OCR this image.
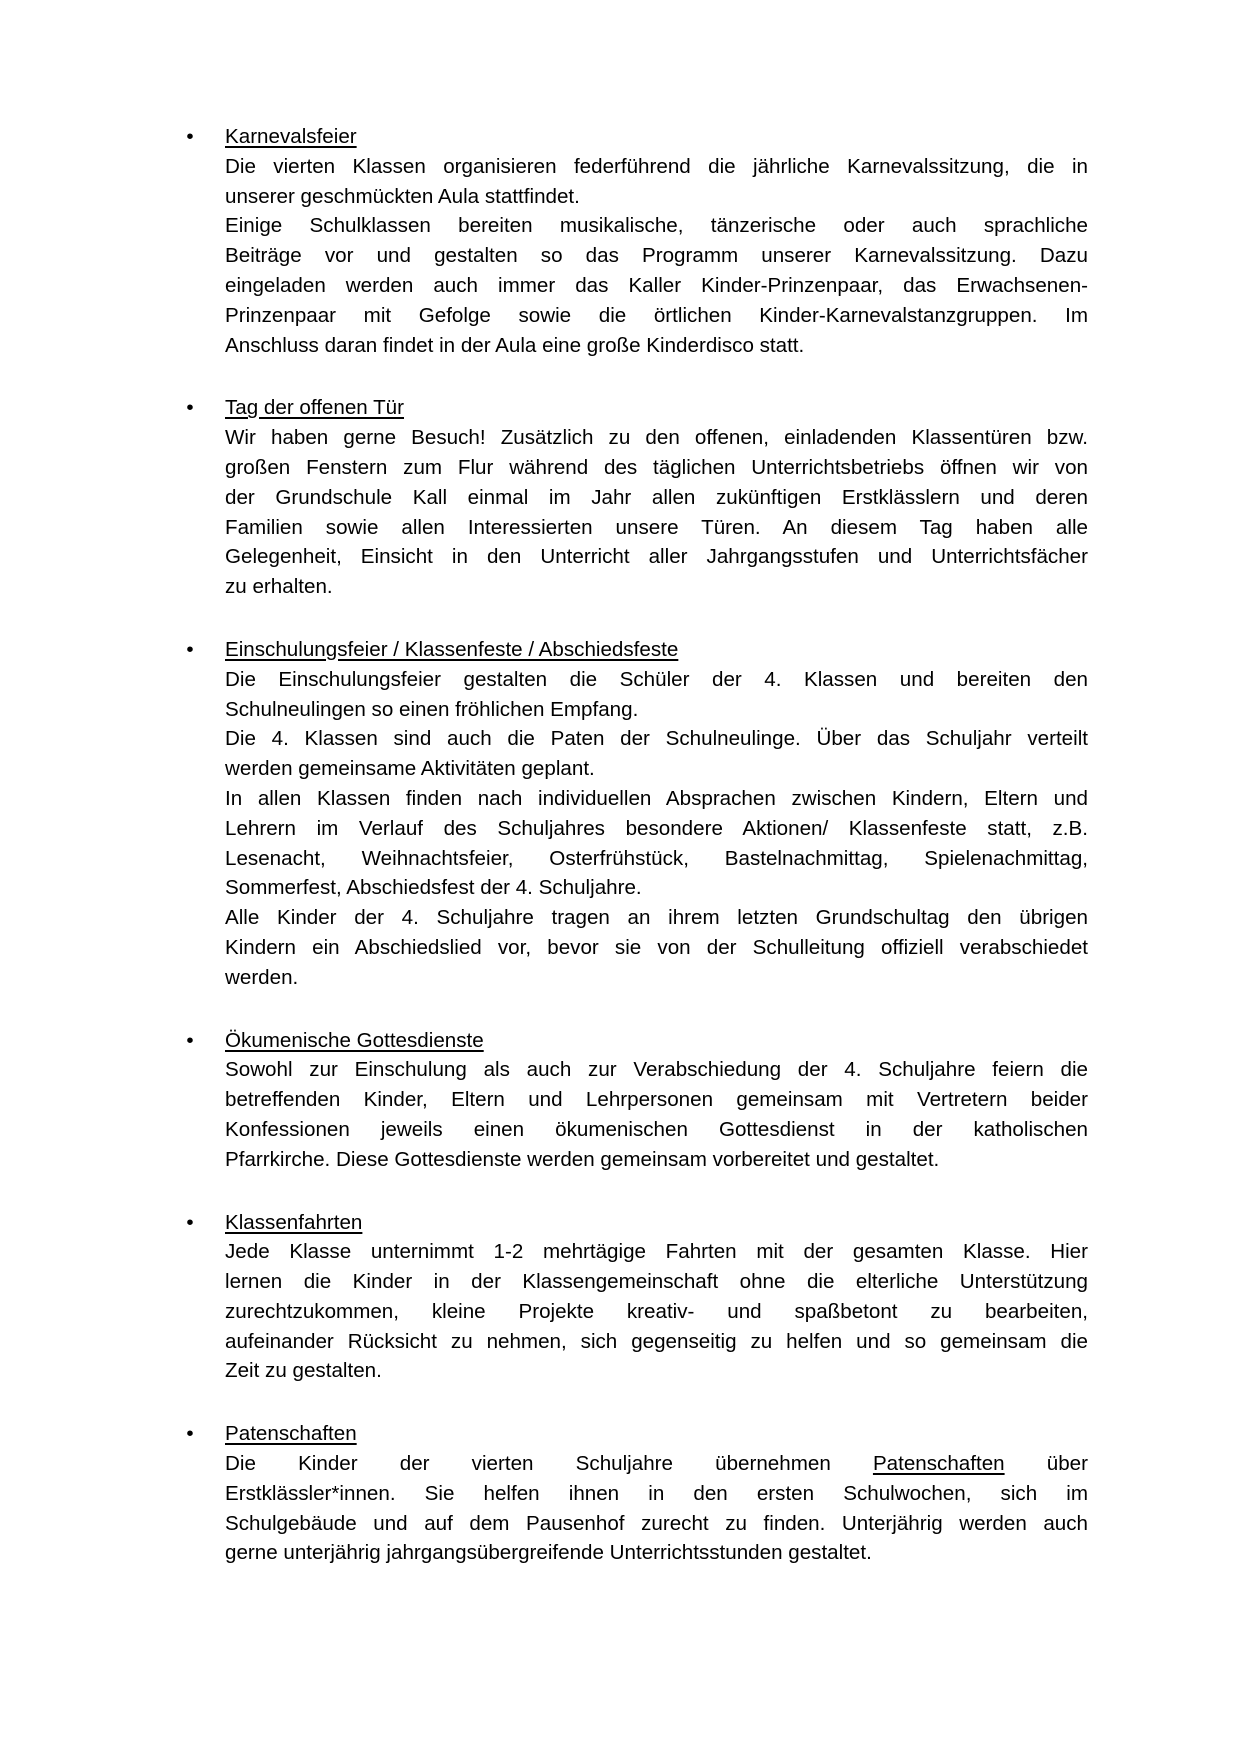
• Karnevalsfeier
Die vierten Klassen organisieren federführend die jährliche Karnevalssitzung, die in
unserer geschmückten Aula stattfindet.
Einige Schulklassen bereiten musikalische, tänzerische oder auch sprachliche
Beiträge vor und gestalten so das Programm unserer Karnevalssitzung. Dazu
eingeladen werden auch immer das Kaller Kinder-Prinzenpaar, das Erwachsenen-
Prinzenpaar mit Gefolge sowie die örtlichen Kinder-Karnevalstanzgruppen. Im
Anschluss daran findet in der Aula eine große Kinderdisco statt.
• Tag der offenen Tür
Wir haben gerne Besuch! Zusätzlich zu den offenen, einladenden Klassentüren bzw.
großen Fenstern zum Flur während des täglichen Unterrichtsbetriebs öffnen wir von
der Grundschule Kall einmal im Jahr allen zukünftigen Erstklässlern und deren
Familien sowie allen Interessierten unsere Türen. An diesem Tag haben alle
Gelegenheit, Einsicht in den Unterricht aller Jahrgangsstufen und Unterrichtsfächer
zu erhalten.
• Einschulungsfeier / Klassenfeste / Abschiedsfeste
Die Einschulungsfeier gestalten die Schüler der 4. Klassen und bereiten den
Schulneulingen so einen fröhlichen Empfang.
Die 4. Klassen sind auch die Paten der Schulneulinge. Über das Schuljahr verteilt
werden gemeinsame Aktivitäten geplant.
In allen Klassen finden nach individuellen Absprachen zwischen Kindern, Eltern und
Lehrern im Verlauf des Schuljahres besondere Aktionen/ Klassenfeste statt, z.B.
Lesenacht, Weihnachtsfeier, Osterfrühstück, Bastelnachmittag, Spielenachmittag,
Sommerfest, Abschiedsfest der 4. Schuljahre.
Alle Kinder der 4. Schuljahre tragen an ihrem letzten Grundschultag den übrigen
Kindern ein Abschiedslied vor, bevor sie von der Schulleitung offiziell verabschiedet
werden.
• Ökumenische Gottesdienste
Sowohl zur Einschulung als auch zur Verabschiedung der 4. Schuljahre feiern die
betreffenden Kinder, Eltern und Lehrpersonen gemeinsam mit Vertretern beider
Konfessionen jeweils einen ökumenischen Gottesdienst in der katholischen
Pfarrkirche. Diese Gottesdienste werden gemeinsam vorbereitet und gestaltet.
• Klassenfahrten
Jede Klasse unternimmt 1-2 mehrtägige Fahrten mit der gesamten Klasse. Hier
lernen die Kinder in der Klassengemeinschaft ohne die elterliche Unterstützung
zurechtzukommen, kleine Projekte kreativ- und spaßbetont zu bearbeiten,
aufeinander Rücksicht zu nehmen, sich gegenseitig zu helfen und so gemeinsam die
Zeit zu gestalten.
• Patenschaften
Die Kinder der vierten Schuljahre übernehmen Patenschaften über
Erstklässler*innen. Sie helfen ihnen in den ersten Schulwochen, sich im
Schulgebäude und auf dem Pausenhof zurecht zu finden. Unterjährig werden auch
gerne unterjährig jahrgangsübergreifende Unterrichtsstunden gestaltet.
